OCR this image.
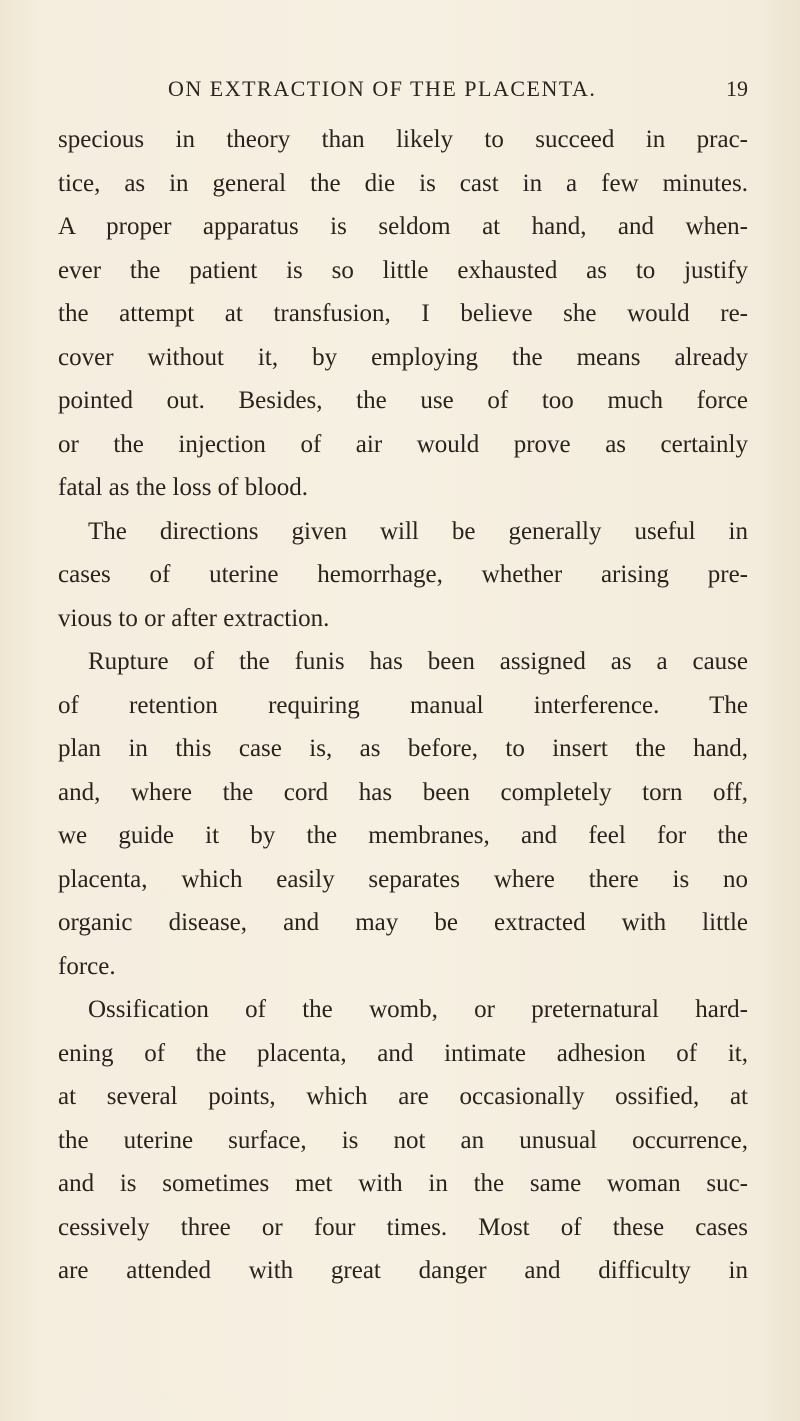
ON EXTRACTION OF THE PLACENTA.	19
specious in theory than likely to succeed in prac-
tice, as in general the die is cast in a few minutes.
A proper apparatus is seldom at hand, and when-
ever the patient is so little exhausted as to justify
the attempt at transfusion, I believe she would re-
cover without it, by employing the means already
pointed out. Besides, the use of too much force
or the injection of air would prove as certainly
fatal as the loss of blood.
The directions given will be generally useful in
cases of uterine hemorrhage, whether arising pre-
vious to or after extraction.
Rupture of the funis has been assigned as a cause
of retention requiring manual interference. The
plan in this case is, as before, to insert the hand,
and, where the cord has been completely torn off,
we guide it by the membranes, and feel for the
placenta, which easily separates where there is no
organic disease, and may be extracted with little
force.
Ossification of the womb, or preternatural hard-
ening of the placenta, and intimate adhesion of it,
at several points, which are occasionally ossified, at
the uterine surface, is not an unusual occurrence,
and is sometimes met with in the same woman suc-
cessively three or four times. Most of these cases
are attended with great danger and difficulty in
